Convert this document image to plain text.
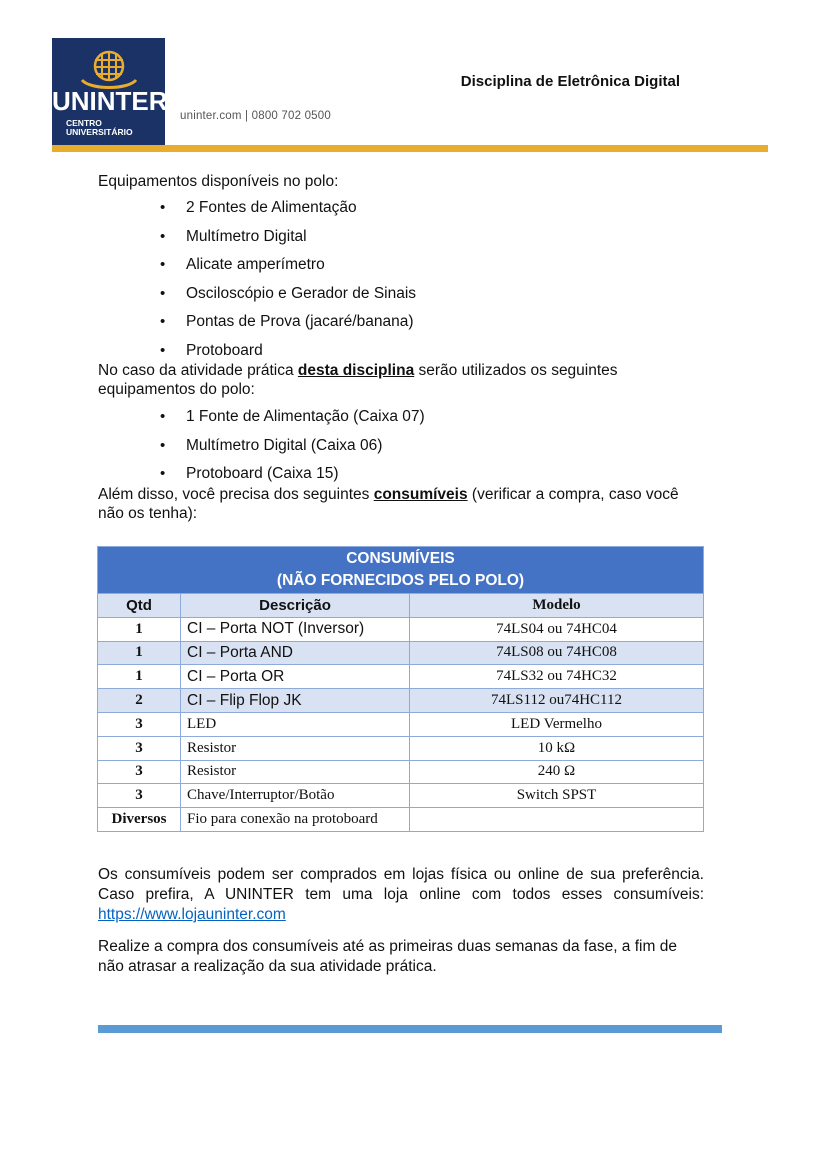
UNINTER
CENTRO
UNIVERSITÁRIO
uninter.com | 0800 702 0500
Disciplina de Eletrônica Digital

Equipamentos disponíveis no polo:

• 2 Fontes de Alimentação
• Multímetro Digital
• Alicate amperímetro
• Osciloscópio e Gerador de Sinais
• Pontas de Prova (jacaré/banana)
• Protoboard

No caso da atividade prática desta disciplina serão utilizados os seguintes equipamentos do polo:

• 1 Fonte de Alimentação (Caixa 07)
• Multímetro Digital (Caixa 06)
• Protoboard (Caixa 15)

Além disso, você precisa dos seguintes consumíveis (verificar a compra, caso você não os tenha):

CONSUMÍVEIS
(NÃO FORNECIDOS PELO POLO)		

Qtd	Descrição	Modelo
1	CI – Porta NOT (Inversor)	74LS04 ou 74HC04
1	CI – Porta AND	74LS08 ou 74HC08
1	CI – Porta OR	74LS32 ou 74HC32
2	CI – Flip Flop JK	74LS112 ou74HC112
3	LED	LED Vermelho
3	Resistor	10 kΩ
3	Resistor	240 Ω
3	Chave/Interruptor/Botão	Switch SPST
Diversos	Fio para conexão na protoboard	

Os consumíveis podem ser comprados em lojas física ou online de sua preferência. Caso prefira, A UNINTER tem uma loja online com todos esses consumíveis: https://www.lojauninter.com

Realize a compra dos consumíveis até as primeiras duas semanas da fase, a fim de não atrasar a realização da sua atividade prática.
